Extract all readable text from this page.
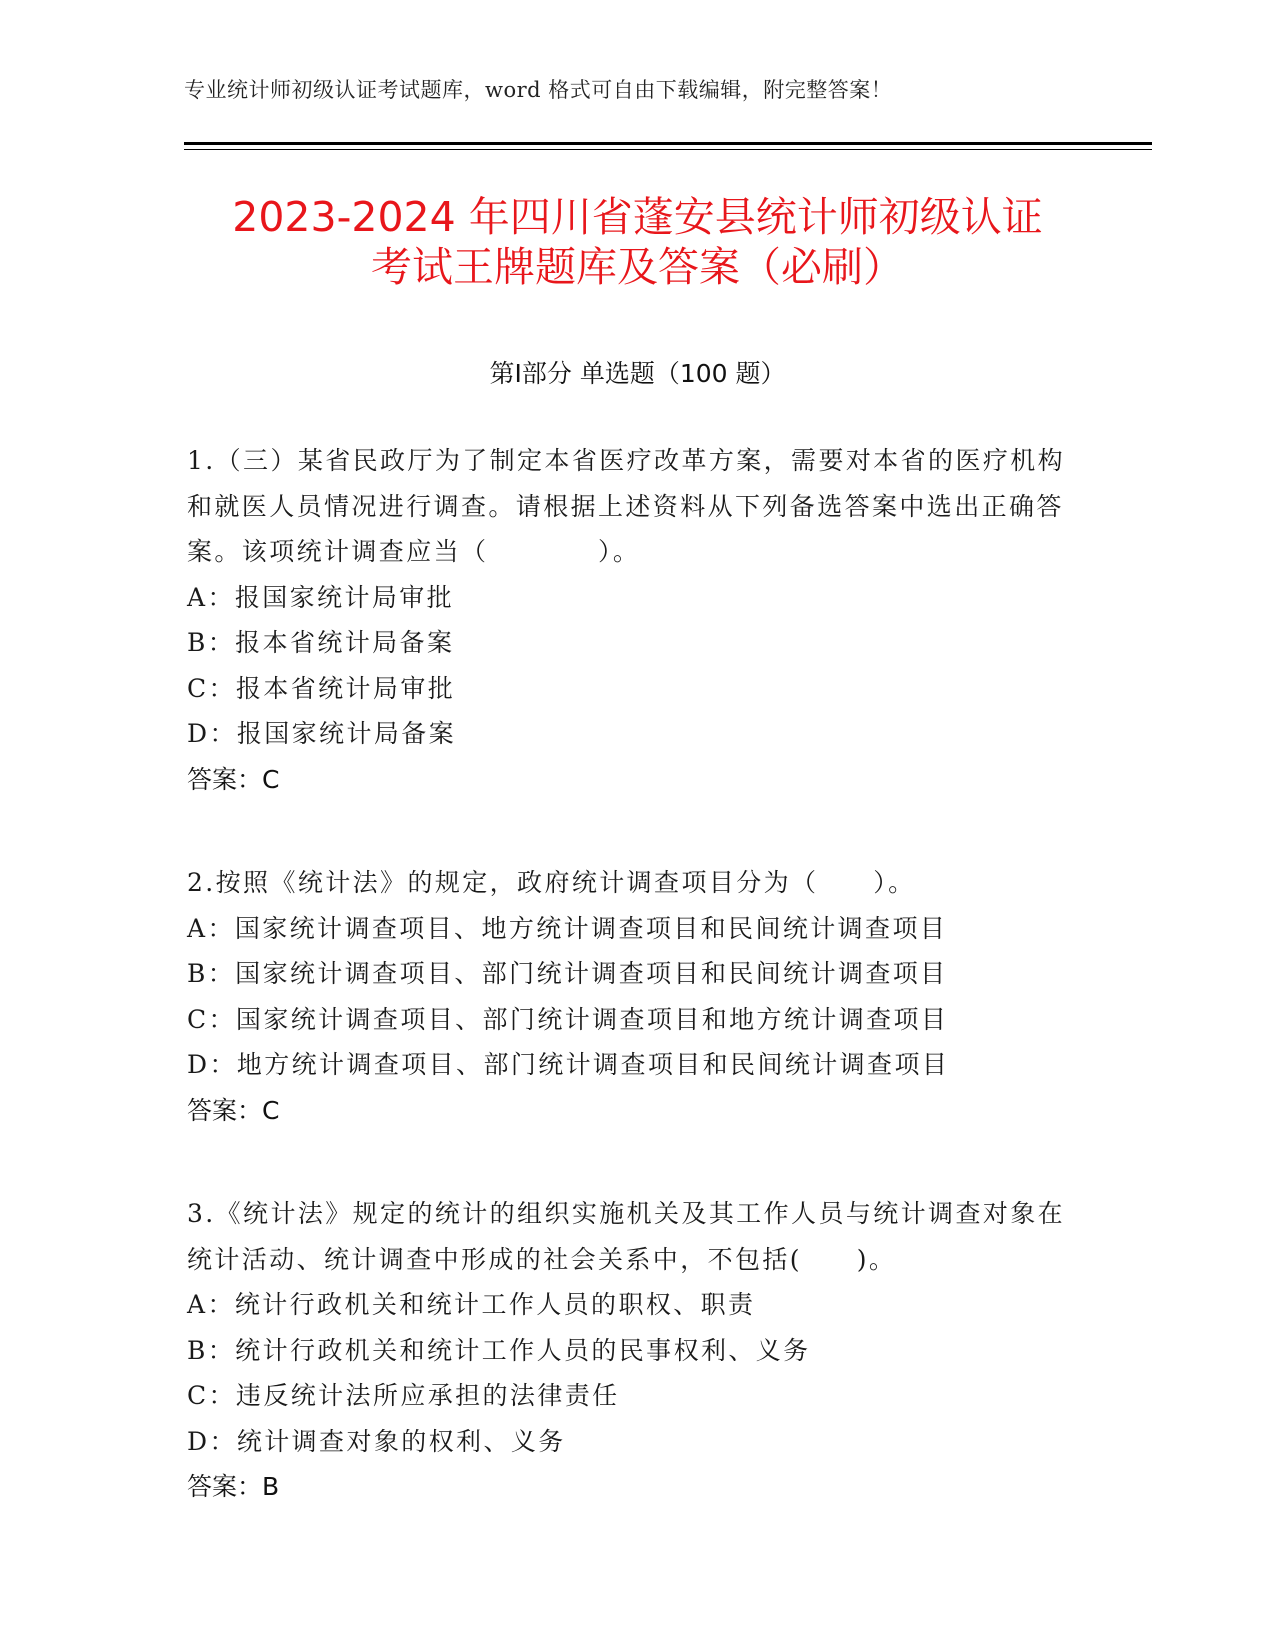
专业统计师初级认证考试题库，word 格式可自由下载编辑，附完整答案！
2023-2024 年四川省蓬安县统计师初级认证
考试王牌题库及答案（必刷）
第Ⅰ部分 单选题（100 题）
1.（三）某省民政厅为了制定本省医疗改革方案，需要对本省的医疗机构和就医人员情况进行调查。请根据上述资料从下列备选答案中选出正确答案。该项统计调查应当（　　　　）。
A：报国家统计局审批
B：报本省统计局备案
C：报本省统计局审批
D：报国家统计局备案
答案：C
2.按照《统计法》的规定，政府统计调查项目分为（　　）。
A：国家统计调查项目、地方统计调查项目和民间统计调查项目
B：国家统计调查项目、部门统计调查项目和民间统计调查项目
C：国家统计调查项目、部门统计调查项目和地方统计调查项目
D：地方统计调查项目、部门统计调查项目和民间统计调查项目
答案：C
3.《统计法》规定的统计的组织实施机关及其工作人员与统计调查对象在统计活动、统计调查中形成的社会关系中，不包括(　　)。
A：统计行政机关和统计工作人员的职权、职责
B：统计行政机关和统计工作人员的民事权利、义务
C：违反统计法所应承担的法律责任
D：统计调查对象的权利、义务
答案：B
